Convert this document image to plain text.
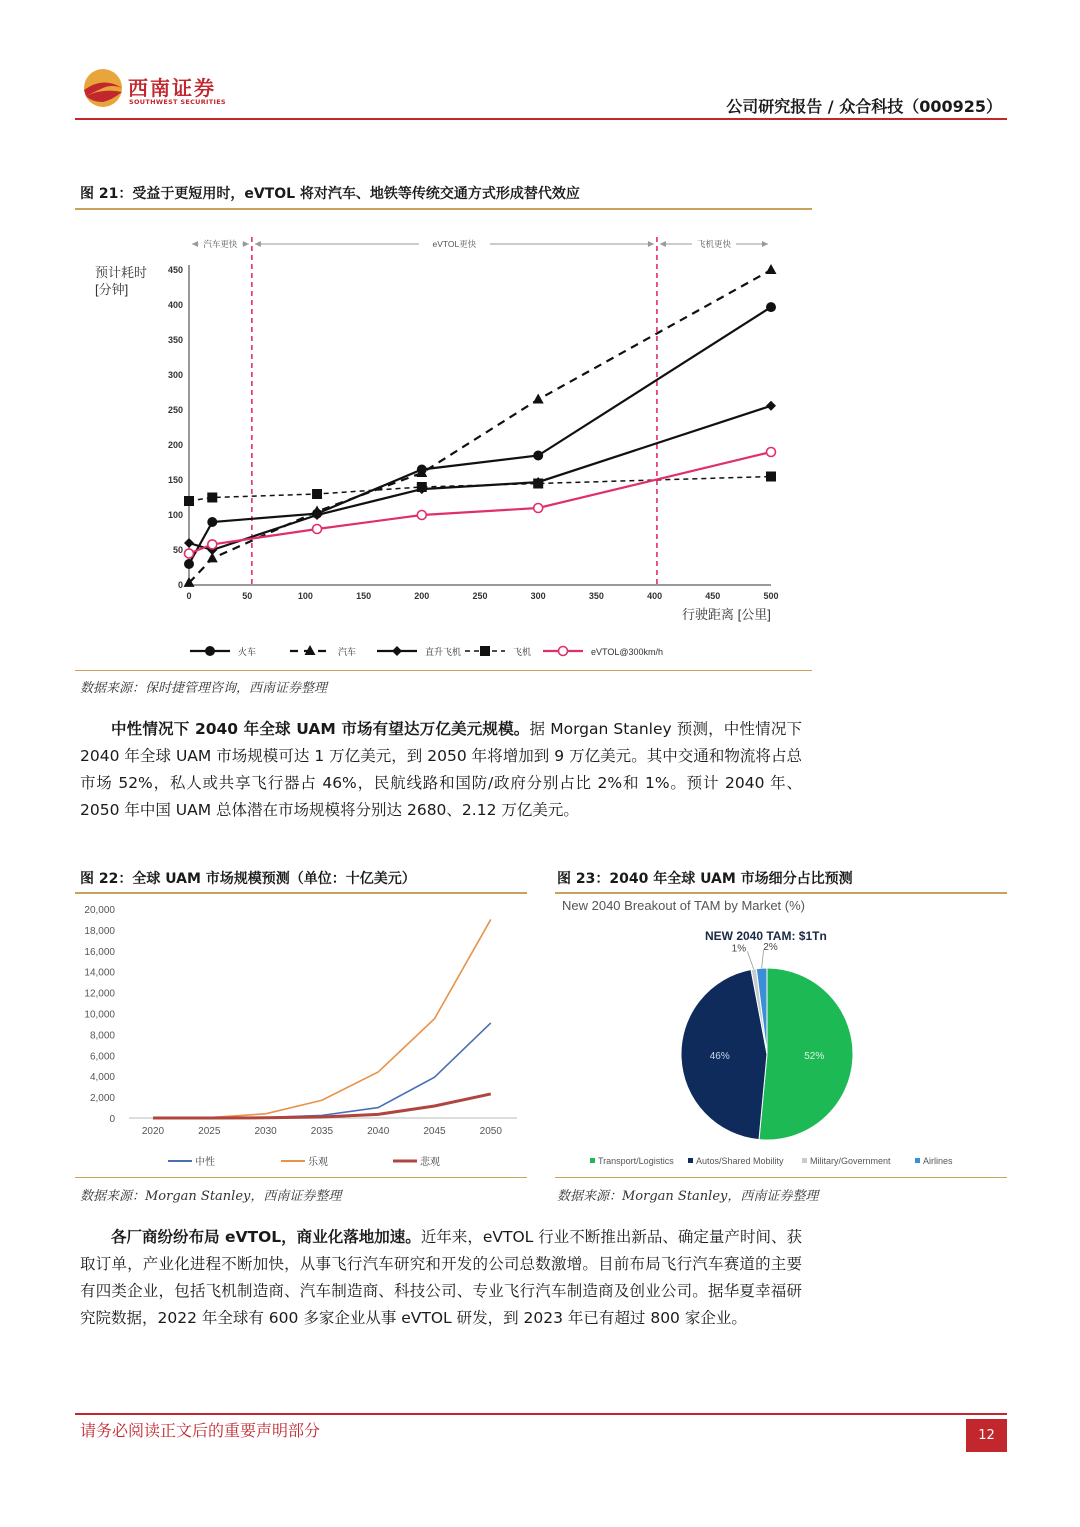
西南证券
SOUTHWEST SECURITIES	公司研究报告 / 众合科技（000925）
图 21：受益于更短用时，eVTOL 将对汽车、地铁等传统交通方式形成替代效应
汽车更快	eVTOL更快	飞机更快
预计耗时
[分钟]
0	50	100	150	200	250	300	350	400	450	500
0
50
100
150
200
250
300
350
400
450
行驶距离 [公里]
火车	汽车	直升飞机	飞机	eVTOL@300km/h
数据来源：保时捷管理咨询，西南证券整理
中性情况下 2040 年全球 UAM 市场有望达万亿美元规模。据 Morgan Stanley 预测，中性情况下 2040 年全球 UAM 市场规模可达 1 万亿美元，到 2050 年将增加到 9 万亿美元。其中交通和物流将占总市场 52%，私人或共享飞行器占 46%，民航线路和国防/政府分别占比 2%和 1%。预计 2040 年、2050 年中国 UAM 总体潜在市场规模将分别达 2680、2.12 万亿美元。
图 22：全球 UAM 市场规模预测（单位：十亿美元）
0
2,000
4,000
6,000
8,000
10,000
12,000
14,000
16,000
18,000
20,000
2020	2025	2030	2035	2040	2045	2050
中性	乐观	悲观
数据来源：Morgan Stanley，西南证券整理
图 23：2040 年全球 UAM 市场细分占比预测
New 2040 Breakout of TAM by Market (%)
NEW 2040 TAM: $1Tn
52%
46%
1% 2%
Transport/Logistics Autos/Shared Mobility	Military/Government	Airlines
数据来源：Morgan Stanley，西南证券整理
各厂商纷纷布局 eVTOL，商业化落地加速。近年来，eVTOL 行业不断推出新品、确定量产时间、获取订单，产业化进程不断加快，从事飞行汽车研究和开发的公司总数激增。目前布局飞行汽车赛道的主要有四类企业，包括飞机制造商、汽车制造商、科技公司、专业飞行汽车制造商及创业公司。据华夏幸福研究院数据，2022 年全球有 600 多家企业从事 eVTOL 研发，到 2023 年已有超过 800 家企业。
请务必阅读正文后的重要声明部分	12
